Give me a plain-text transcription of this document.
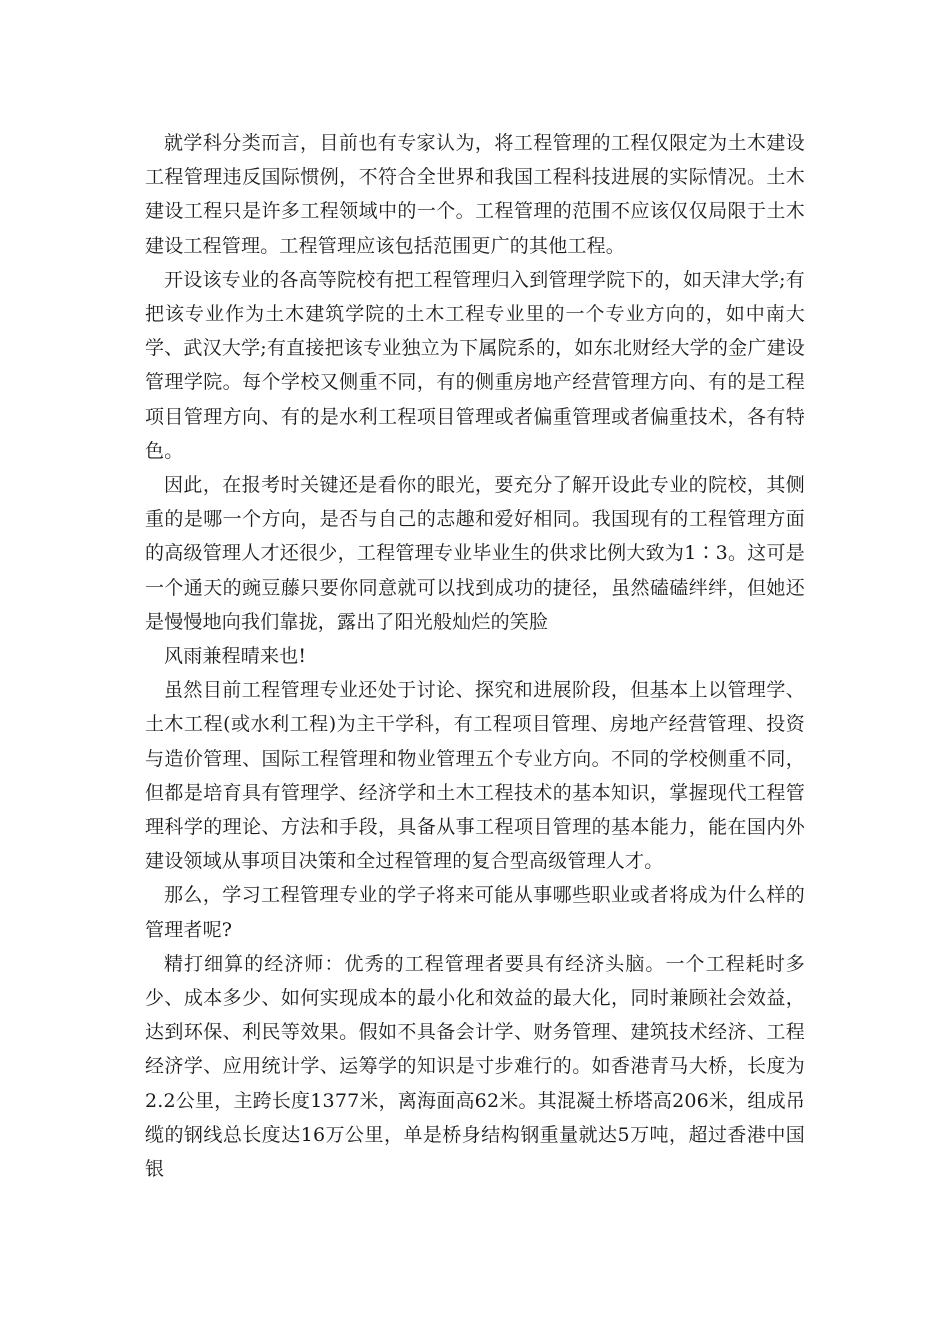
就学科分类而言，目前也有专家认为，将工程管理的工程仅限定为土木建设工程管理违反国际惯例，不符合全世界和我国工程科技进展的实际情况。土木建设工程只是许多工程领域中的一个。工程管理的范围不应该仅仅局限于土木建设工程管理。工程管理应该包括范围更广的其他工程。

开设该专业的各高等院校有把工程管理归入到管理学院下的，如天津大学;有把该专业作为土木建筑学院的土木工程专业里的一个专业方向的，如中南大学、武汉大学;有直接把该专业独立为下属院系的，如东北财经大学的金广建设管理学院。每个学校又侧重不同，有的侧重房地产经营管理方向、有的是工程项目管理方向、有的是水利工程项目管理或者偏重管理或者偏重技术，各有特色。

因此，在报考时关键还是看你的眼光，要充分了解开设此专业的院校，其侧重的是哪一个方向，是否与自己的志趣和爱好相同。我国现有的工程管理方面的高级管理人才还很少，工程管理专业毕业生的供求比例大致为1∶3。这可是一个通天的豌豆藤只要你同意就可以找到成功的捷径，虽然磕磕绊绊，但她还是慢慢地向我们靠拢，露出了阳光般灿烂的笑脸

风雨兼程晴来也!

虽然目前工程管理专业还处于讨论、探究和进展阶段，但基本上以管理学、土木工程(或水利工程)为主干学科，有工程项目管理、房地产经营管理、投资与造价管理、国际工程管理和物业管理五个专业方向。不同的学校侧重不同，但都是培育具有管理学、经济学和土木工程技术的基本知识，掌握现代工程管理科学的理论、方法和手段，具备从事工程项目管理的基本能力，能在国内外建设领域从事项目决策和全过程管理的复合型高级管理人才。

那么，学习工程管理专业的学子将来可能从事哪些职业或者将成为什么样的管理者呢?

精打细算的经济师：优秀的工程管理者要具有经济头脑。一个工程耗时多少、成本多少、如何实现成本的最小化和效益的最大化，同时兼顾社会效益，达到环保、利民等效果。假如不具备会计学、财务管理、建筑技术经济、工程经济学、应用统计学、运筹学的知识是寸步难行的。如香港青马大桥，长度为2.2公里，主跨长度1377米，离海面高62米。其混凝土桥塔高206米，组成吊缆的钢线总长度达16万公里，单是桥身结构钢重量就达5万吨，超过香港中国银
